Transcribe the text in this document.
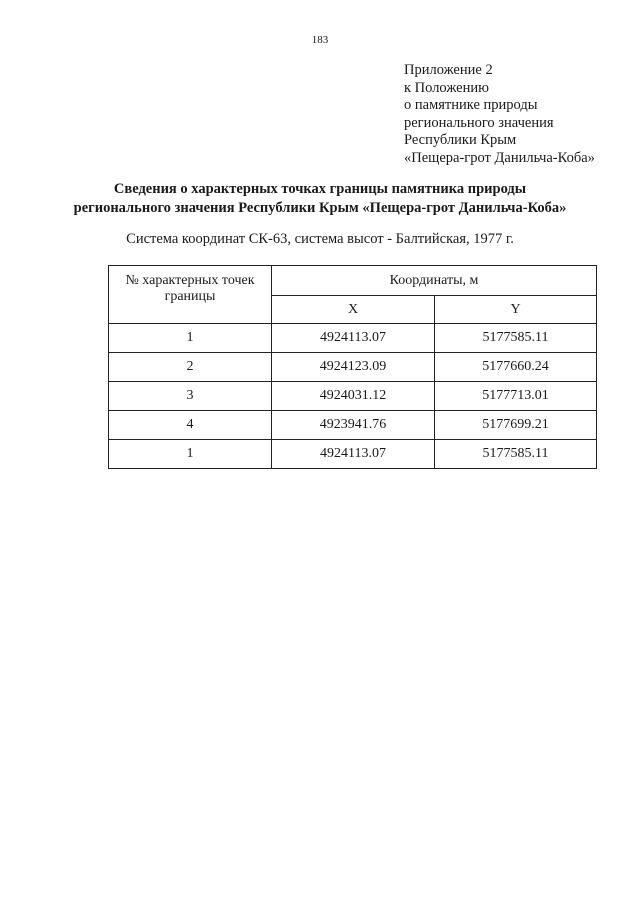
183
Приложение 2
к Положению
о памятнике природы
регионального значения
Республики Крым
«Пещера-грот Данильча-Коба»
Сведения о характерных точках границы памятника природы
регионального значения Республики Крым «Пещера-грот Данильча-Коба»
Система координат СК-63, система высот - Балтийская, 1977 г.
№ характерных точек границы	Координаты, м	
	X	Y
1	4924113.07	5177585.11
2	4924123.09	5177660.24
3	4924031.12	5177713.01
4	4923941.76	5177699.21
1	4924113.07	5177585.11
